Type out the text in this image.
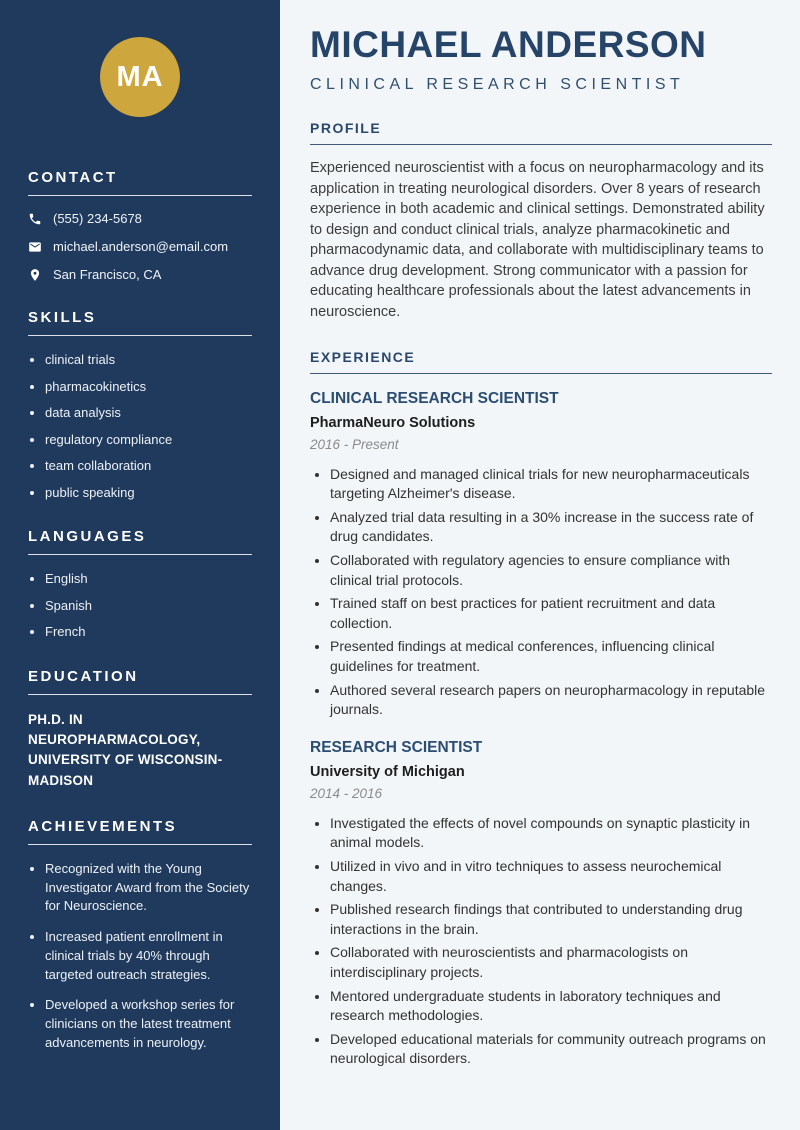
MA
CONTACT
(555) 234-5678
michael.anderson@email.com
San Francisco, CA
SKILLS
• clinical trials
• pharmacokinetics
• data analysis
• regulatory compliance
• team collaboration
• public speaking
LANGUAGES
• English
• Spanish
• French
EDUCATION

PH.D. IN NEUROPHARMACOLOGY, UNIVERSITY OF WISCONSIN-MADISON

ACHIEVEMENTS
• Recognized with the Young Investigator Award from the Society for Neuroscience.
• Increased patient enrollment in clinical trials by 40% through targeted outreach strategies.
• Developed a workshop series for clinicians on the latest treatment advancements in neurology.
MICHAEL ANDERSON

CLINICAL RESEARCH SCIENTIST

PROFILE

Experienced neuroscientist with a focus on neuropharmacology and its application in treating neurological disorders. Over 8 years of research experience in both academic and clinical settings. Demonstrated ability to design and conduct clinical trials, analyze pharmacokinetic and pharmacodynamic data, and collaborate with multidisciplinary teams to advance drug development. Strong communicator with a passion for educating healthcare professionals about the latest advancements in neuroscience.

EXPERIENCE
CLINICAL RESEARCH SCIENTIST

PharmaNeuro Solutions

2016 - Present

• Designed and managed clinical trials for new neuropharmaceuticals targeting Alzheimer's disease.
• Analyzed trial data resulting in a 30% increase in the success rate of drug candidates.
• Collaborated with regulatory agencies to ensure compliance with clinical trial protocols.
• Trained staff on best practices for patient recruitment and data collection.
• Presented findings at medical conferences, influencing clinical guidelines for treatment.
• Authored several research papers on neuropharmacology in reputable journals.
RESEARCH SCIENTIST

University of Michigan

2014 - 2016

• Investigated the effects of novel compounds on synaptic plasticity in animal models.
• Utilized in vivo and in vitro techniques to assess neurochemical changes.
• Published research findings that contributed to understanding drug interactions in the brain.
• Collaborated with neuroscientists and pharmacologists on interdisciplinary projects.
• Mentored undergraduate students in laboratory techniques and research methodologies.
• Developed educational materials for community outreach programs on neurological disorders.
